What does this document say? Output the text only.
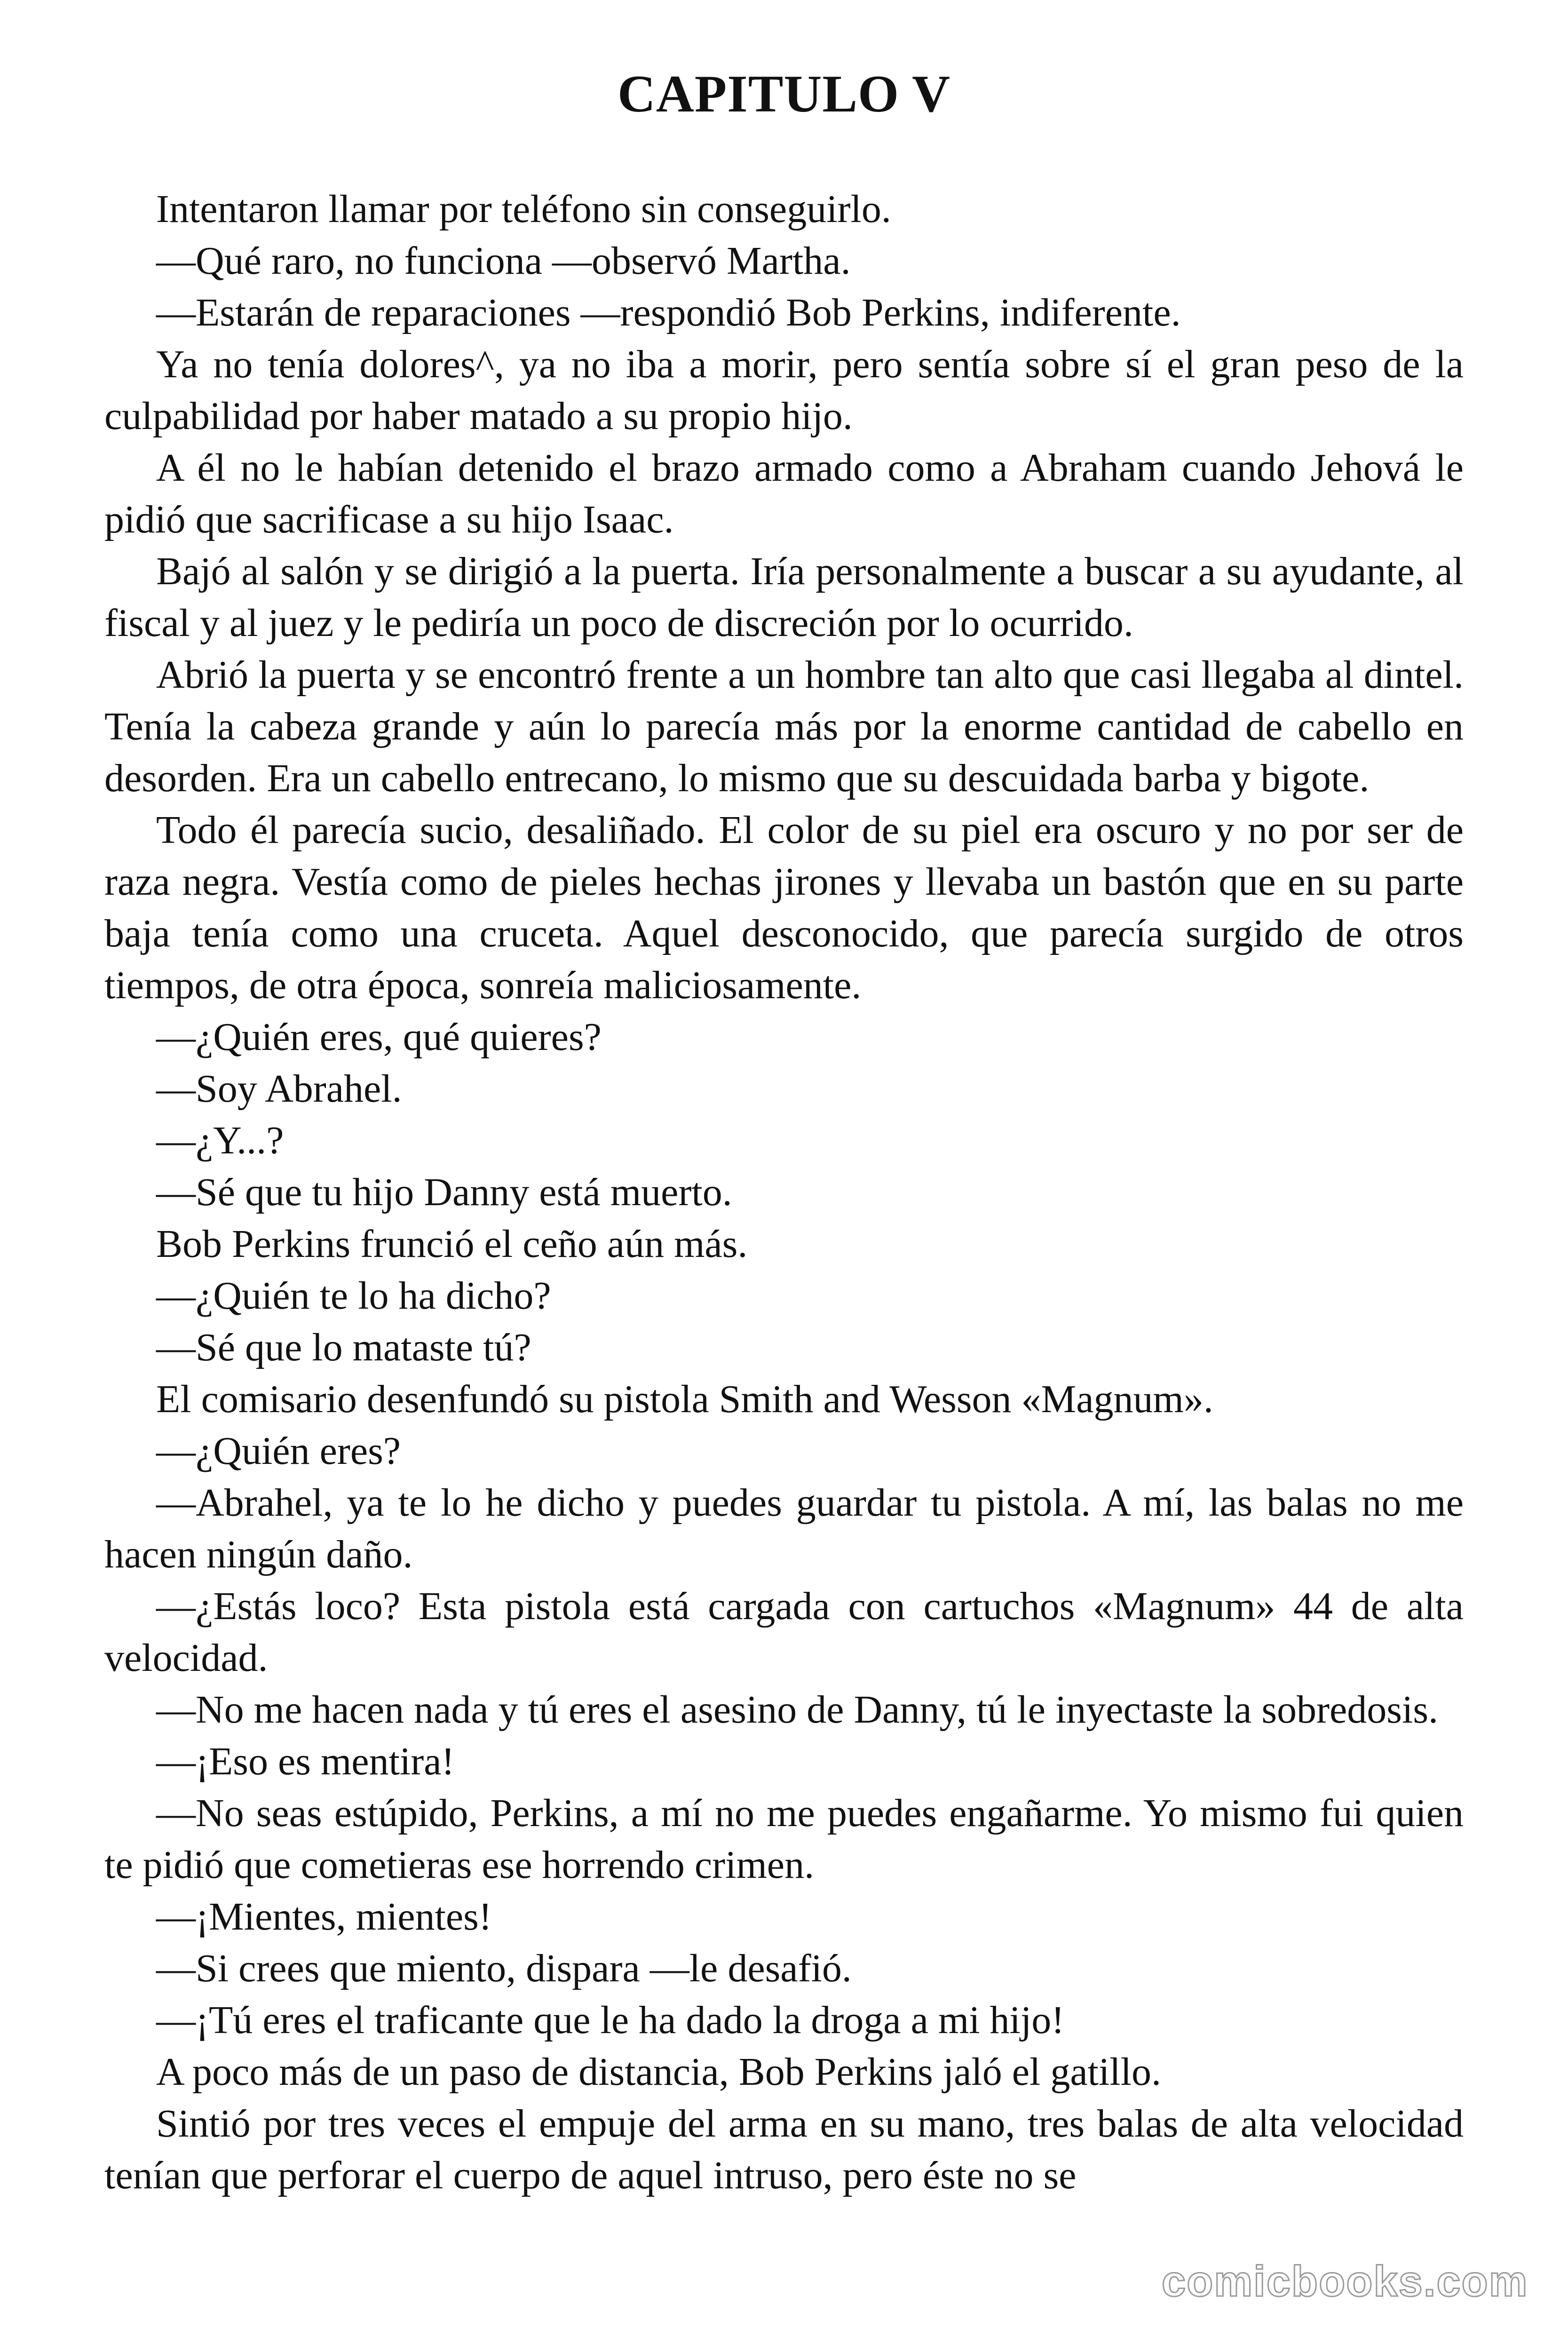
CAPITULO V

Intentaron llamar por teléfono sin conseguirlo.

—Qué raro, no funciona —observó Martha.

—Estarán de reparaciones —respondió Bob Perkins, indiferente.

Ya no tenía dolores^, ya no iba a morir, pero sentía sobre sí el gran peso de la culpabilidad por haber matado a su propio hijo.

A él no le habían detenido el brazo armado como a Abraham cuando Jehová le pidió que sacrificase a su hijo Isaac.

Bajó al salón y se dirigió a la puerta. Iría personalmente a buscar a su ayudante, al fiscal y al juez y le pediría un poco de discreción por lo ocurrido.

Abrió la puerta y se encontró frente a un hombre tan alto que casi llegaba al dintel. Tenía la cabeza grande y aún lo parecía más por la enorme cantidad de cabello en desorden. Era un cabello entrecano, lo mismo que su descuidada barba y bigote.

Todo él parecía sucio, desaliñado. El color de su piel era oscuro y no por ser de raza negra. Vestía como de pieles hechas jirones y llevaba un bastón que en su parte baja tenía como una cruceta. Aquel desconocido, que parecía surgido de otros tiempos, de otra época, sonreía maliciosamente.

—¿Quién eres, qué quieres?

—Soy Abrahel.

—¿Y...?

—Sé que tu hijo Danny está muerto.

Bob Perkins frunció el ceño aún más.

—¿Quién te lo ha dicho?

—Sé que lo mataste tú?

El comisario desenfundó su pistola Smith and Wesson «Magnum».

—¿Quién eres?

—Abrahel, ya te lo he dicho y puedes guardar tu pistola. A mí, las balas no me hacen ningún daño.

—¿Estás loco? Esta pistola está cargada con cartuchos «Magnum» 44 de alta velocidad.

—No me hacen nada y tú eres el asesino de Danny, tú le inyectaste la sobredosis.

—¡Eso es mentira!

—No seas estúpido, Perkins, a mí no me puedes engañarme. Yo mismo fui quien te pidió que cometieras ese horrendo crimen.

—¡Mientes, mientes!

—Si crees que miento, dispara —le desafió.

—¡Tú eres el traficante que le ha dado la droga a mi hijo!

A poco más de un paso de distancia, Bob Perkins jaló el gatillo.

Sintió por tres veces el empuje del arma en su mano, tres balas de alta velocidad tenían que perforar el cuerpo de aquel intruso, pero éste no se

comicbooks.com
